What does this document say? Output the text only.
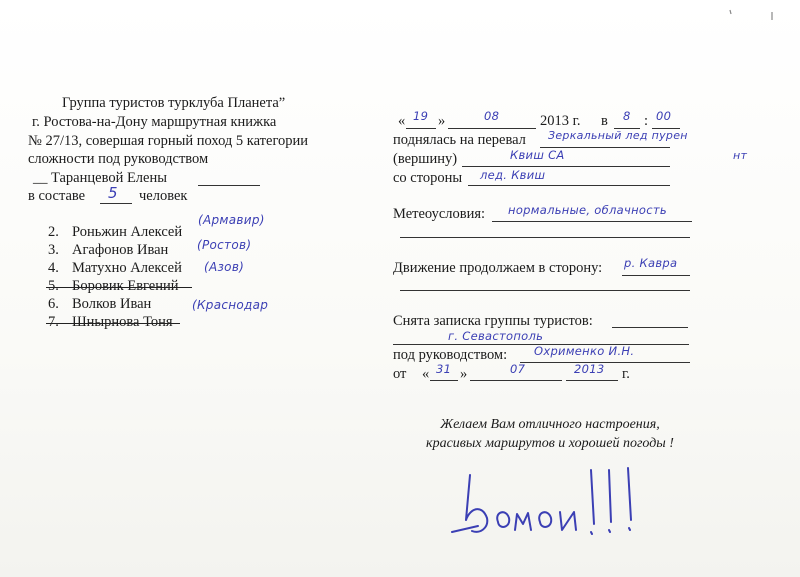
Группа туристов турклуба Планета”
г. Ростова-на-Дону маршрутная книжка
№ 27/13, совершая горный поход 5 категории
сложности под руководством
__ Таранцевой Елены
в составе 5 человек
2. Роньжин Алексей
(Армавир)
3. Агафонов Иван (Ростов)
4. Матухно Алексей (Азов)
5. Боровик Евгений
6. Волков Иван	(Краснодар
7. Шнырнова Тоня
« 19 »	08	2013 г. в 8 : 00
поднялась на перевал Зеркальный лед пурен
нт
(вершину)	Квиш СА
со стороны лед. Квиш
Метеоусловия: нормальные, облачность
Движение продолжаем в сторону: р. Кавра
Снята записка группы туристов:
г. Севастополь
под руководством: Охрименко И.Н.
от « 31 »	07	2013 г.
Желаем Вам отличного настроения,
красивых маршрутов и хорошей погоды !
